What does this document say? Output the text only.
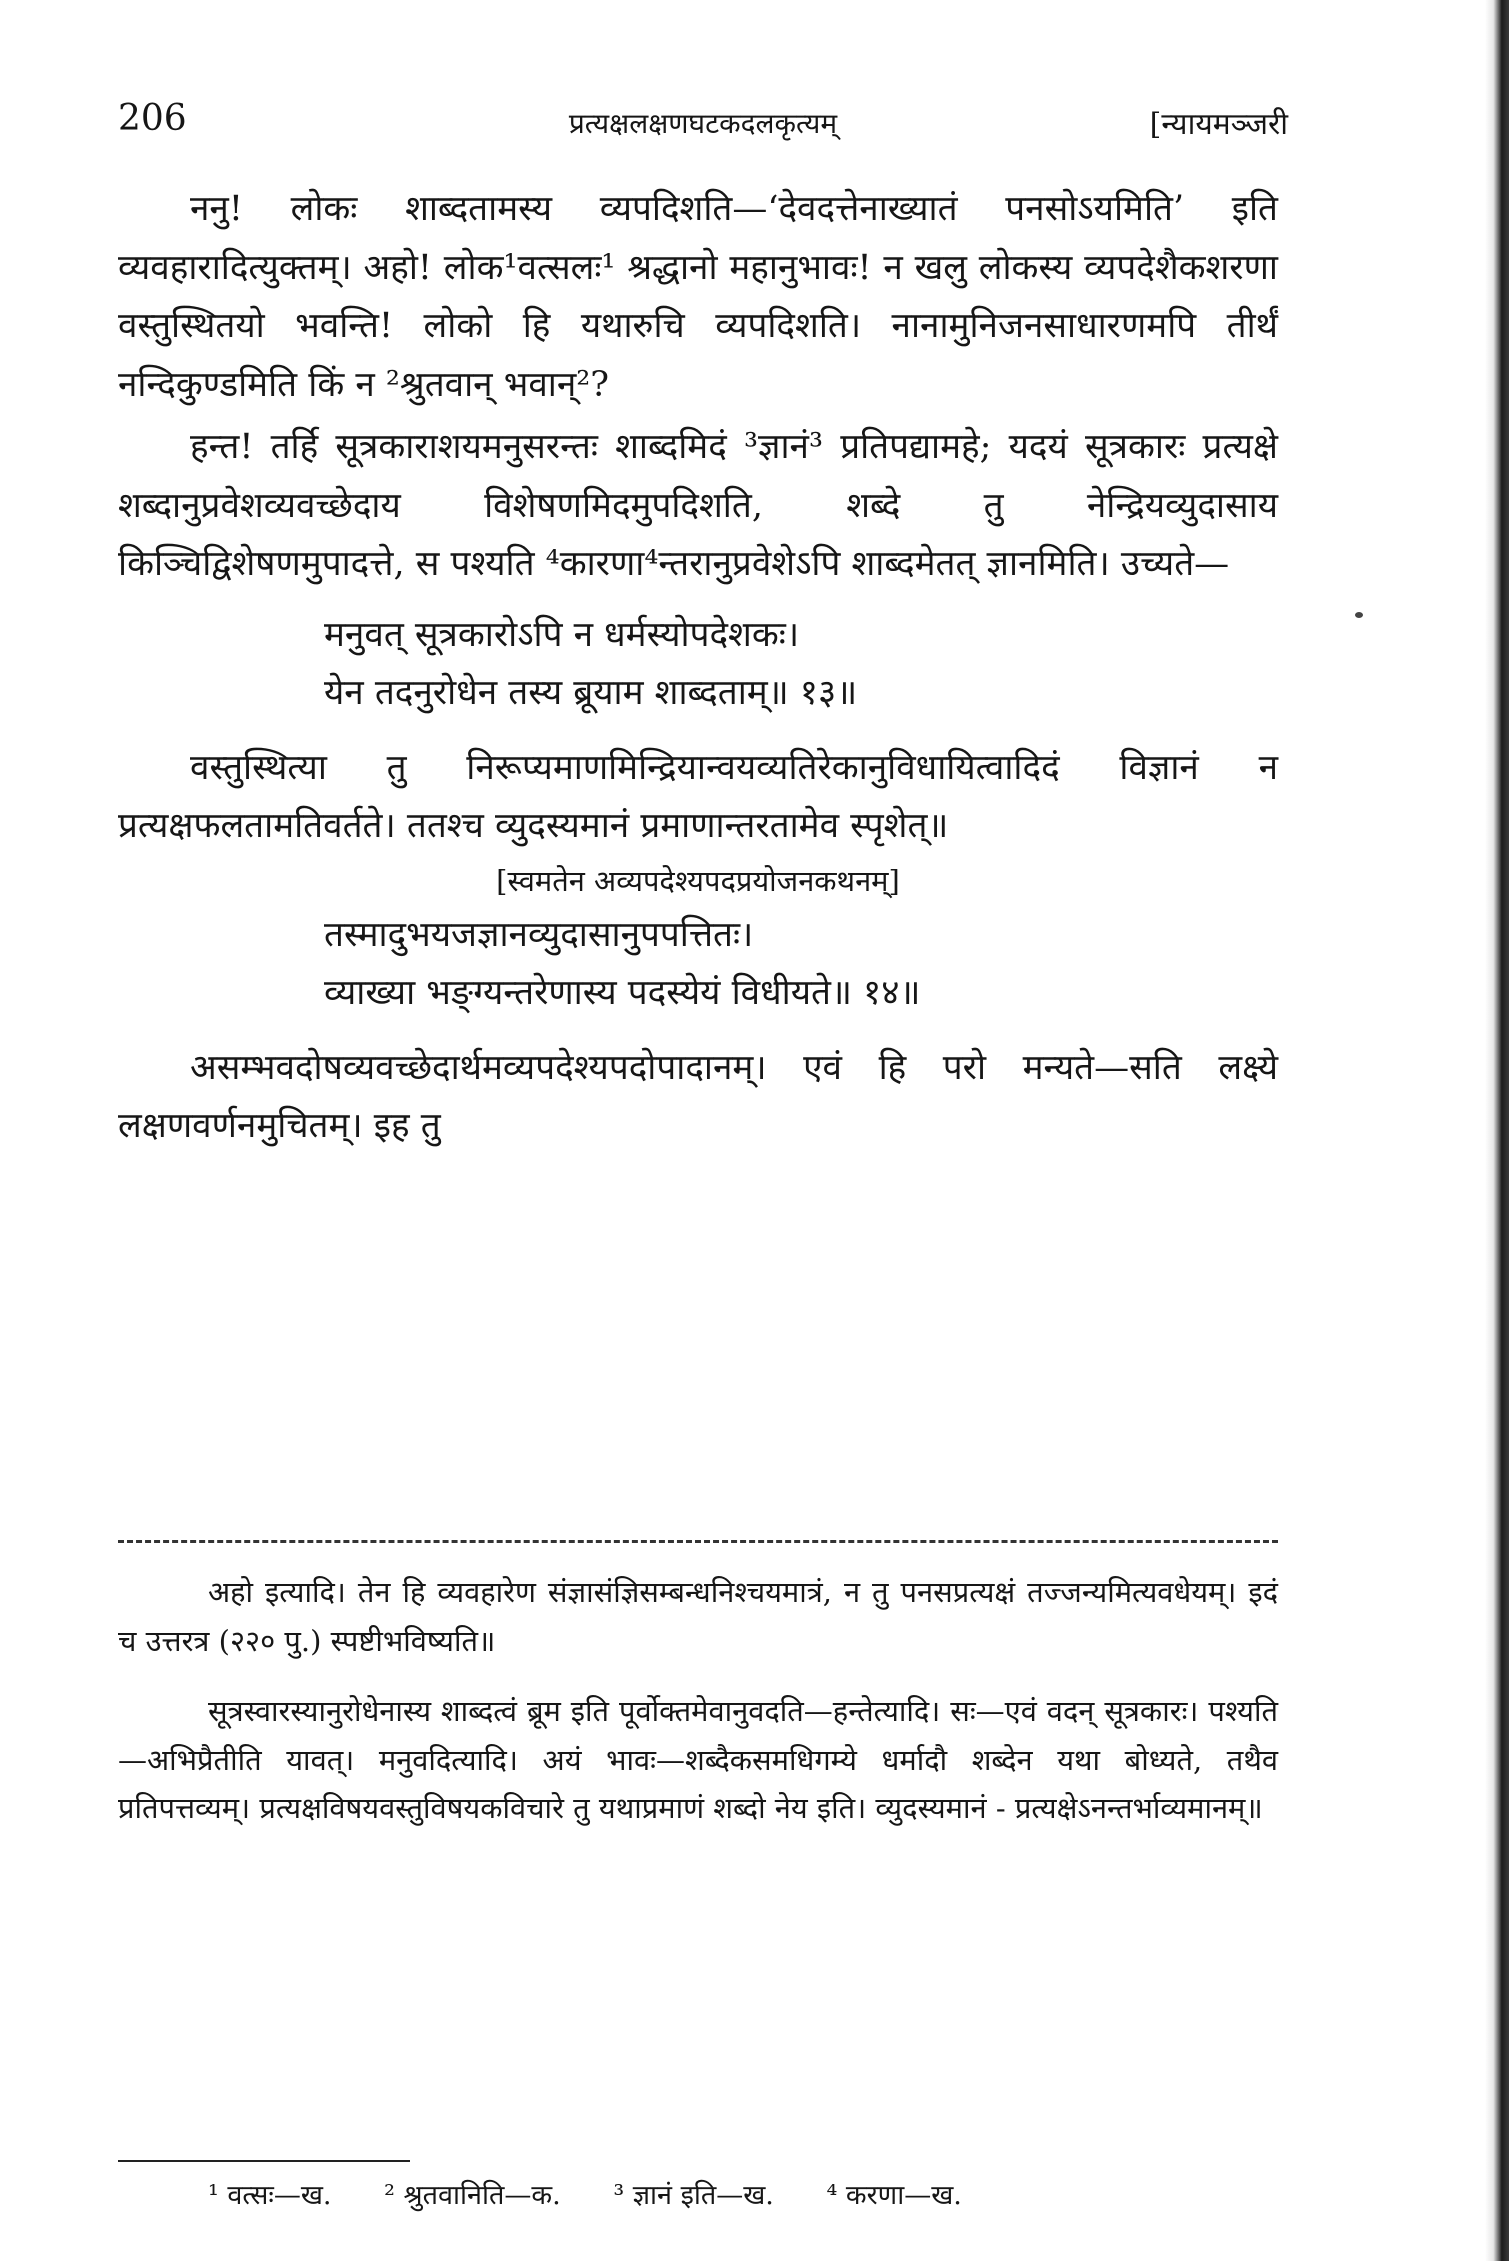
206	प्रत्यक्षलक्षणघटकदलकृत्यम्	[न्यायमञ्जरी

ननु! लोकः शाब्दतामस्य व्यपदिशति—‘देवदत्तेनाख्यातं पनसोऽयमिति’ इति व्यवहारादित्युक्तम्। अहो! लोक¹वत्सलः¹ श्रद्धानो महानुभावः! न खलु लोकस्य व्यपदेशैकशरणा वस्तुस्थितयो भवन्ति! लोको हि यथारुचि व्यपदिशति। नानामुनिजनसाधारणमपि तीर्थं नन्दिकुण्डमिति किं न ²श्रुतवान् भवान्²?

हन्त! तर्हि सूत्रकाराशयमनुसरन्तः शाब्दमिदं ³ज्ञानं³ प्रतिपद्यामहे; यदयं सूत्रकारः प्रत्यक्षे शब्दानुप्रवेशव्यवच्छेदाय विशेषणमिदमुपदिशति, शब्दे तु नेन्द्रियव्युदासाय किञ्चिद्विशेषणमुपादत्ते, स पश्यति ⁴कारणा⁴न्तरानुप्रवेशेऽपि शाब्दमेतत् ज्ञानमिति। उच्यते—

मनुवत् सूत्रकारोऽपि न धर्मस्योपदेशकः।

येन तदनुरोधेन तस्य ब्रूयाम शाब्दताम्॥ १३॥

वस्तुस्थित्या तु निरूप्यमाणमिन्द्रियान्वयव्यतिरेकानुविधायित्वादिदं विज्ञानं न प्रत्यक्षफलतामतिवर्तते। ततश्च व्युदस्यमानं प्रमाणान्तरतामेव स्पृशेत्॥

[स्वमतेन अव्यपदेश्यपदप्रयोजनकथनम्]

तस्मादुभयजज्ञानव्युदासानुपपत्तितः।

व्याख्या भङ्ग्यन्तरेणास्य पदस्येयं विधीयते॥ १४॥

असम्भवदोषव्यवच्छेदार्थमव्यपदेश्यपदोपादानम्। एवं हि परो मन्यते—सति लक्ष्ये लक्षणवर्णनमुचितम्। इह तु

अहो इत्यादि। तेन हि व्यवहारेण संज्ञासंज्ञिसम्बन्धनिश्चयमात्रं, न तु पनसप्रत्यक्षं तज्जन्यमित्यवधेयम्। इदं च उत्तरत्र (२२० पु.) स्पष्टीभविष्यति॥

सूत्रस्वारस्यानुरोधेनास्य शाब्दत्वं ब्रूम इति पूर्वोक्तमेवानुवदति—हन्तेत्यादि। सः—एवं वदन् सूत्रकारः। पश्यति—अभिप्रैतीति यावत्। मनुवदित्यादि। अयं भावः—शब्दैकसमधिगम्ये धर्मादौ शब्देन यथा बोध्यते, तथैव प्रतिपत्तव्यम्। प्रत्यक्षविषयवस्तुविषयकविचारे तु यथाप्रमाणं शब्दो नेय इति। व्युदस्यमानं - प्रत्यक्षेऽनन्तर्भाव्यमानम्॥

¹ वत्सः—ख. ² श्रुतवानिति—क. ³ ज्ञानं इति—ख. ⁴ करणा—ख.
